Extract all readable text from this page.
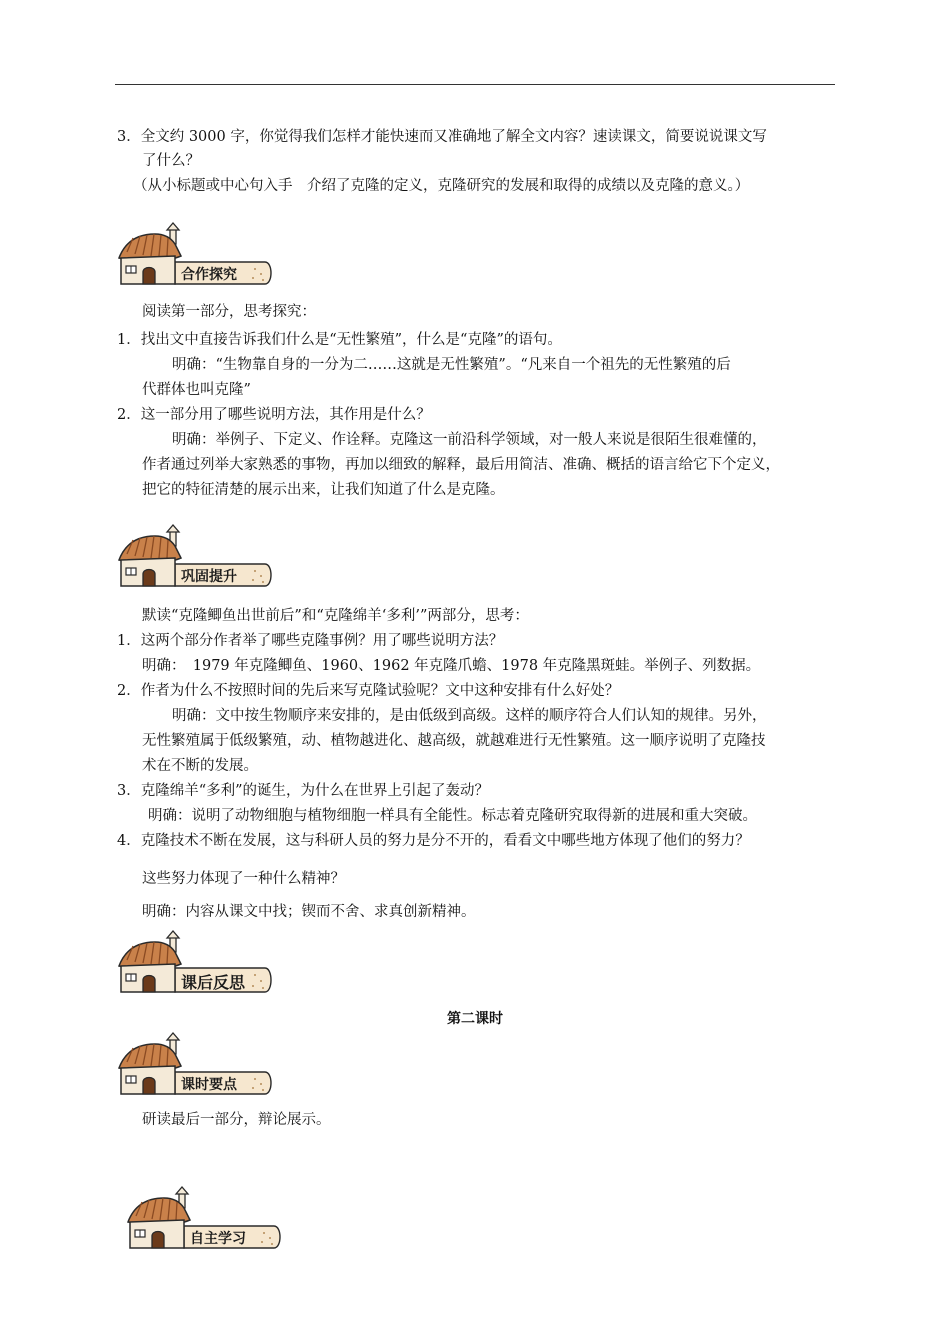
3．全文约 3000 字，你觉得我们怎样才能快速而又准确地了解全文内容？速读课文，简要说说课文写
了什么？
（从小标题或中心句入手　介绍了克隆的定义，克隆研究的发展和取得的成绩以及克隆的意义。）
合作探究
阅读第一部分，思考探究：
1．找出文中直接告诉我们什么是“无性繁殖”，什么是“克隆”的语句。
明确：“生物靠自身的一分为二……这就是无性繁殖”。“凡来自一个祖先的无性繁殖的后
代群体也叫克隆”
2．这一部分用了哪些说明方法，其作用是什么？
明确：举例子、下定义、作诠释。克隆这一前沿科学领域，对一般人来说是很陌生很难懂的，
作者通过列举大家熟悉的事物，再加以细致的解释，最后用简洁、准确、概括的语言给它下个定义，
把它的特征清楚的展示出来，让我们知道了什么是克隆。
巩固提升
默读“克隆鲫鱼出世前后”和“克隆绵羊‘多利’”两部分，思考：
1．这两个部分作者举了哪些克隆事例？用了哪些说明方法？
明确：　1979 年克隆鲫鱼、1960、1962 年克隆爪蟾、1978 年克隆黑斑蛙。举例子、列数据。
2．作者为什么不按照时间的先后来写克隆试验呢？文中这种安排有什么好处？
明确：文中按生物顺序来安排的，是由低级到高级。这样的顺序符合人们认知的规律。另外，
无性繁殖属于低级繁殖，动、植物越进化、越高级，就越难进行无性繁殖。这一顺序说明了克隆技
术在不断的发展。
3．克隆绵羊“多利”的诞生，为什么在世界上引起了轰动？
明确：说明了动物细胞与植物细胞一样具有全能性。标志着克隆研究取得新的进展和重大突破。
4．克隆技术不断在发展，这与科研人员的努力是分不开的，看看文中哪些地方体现了他们的努力？
这些努力体现了一种什么精神？
明确：内容从课文中找；锲而不舍、求真创新精神。
课后反思
第二课时
课时要点
研读最后一部分，辩论展示。
自主学习
